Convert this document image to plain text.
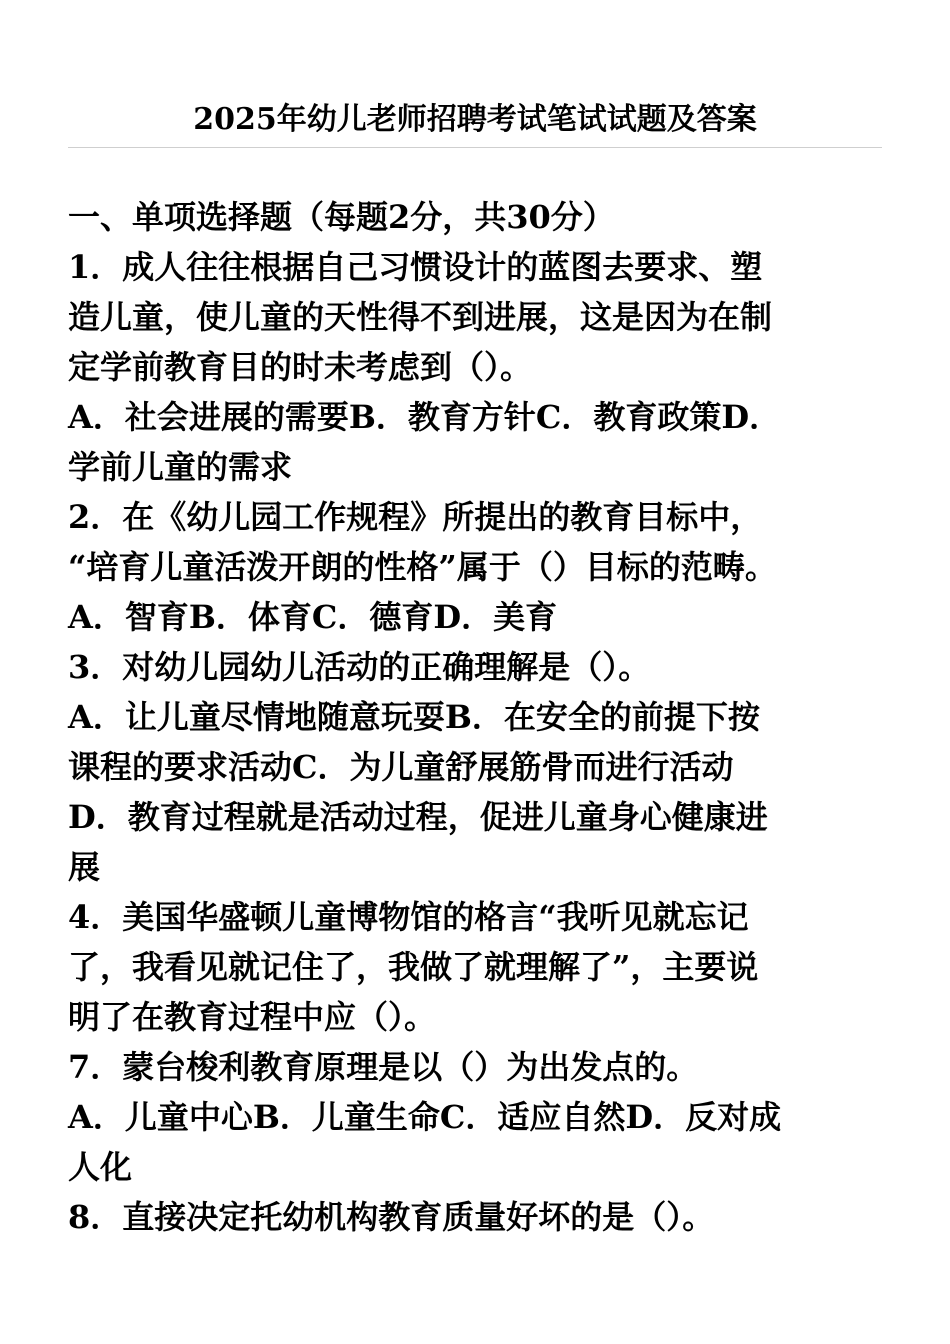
2025年幼儿老师招聘考试笔试试题及答案
一、单项选择题（每题2分，共30分）
1．成人往往根据自己习惯设计的蓝图去要求、塑
造儿童，使儿童的天性得不到进展，这是因为在制
定学前教育目的时未考虑到（）。
A．社会进展的需要B．教育方针C．教育政策D．
学前儿童的需求
2．在《幼儿园工作规程》所提出的教育目标中，
“培育儿童活泼开朗的性格”属于（）目标的范畴。
A．智育B．体育C．德育D．美育
3．对幼儿园幼儿活动的正确理解是（）。
A．让儿童尽情地随意玩耍B．在安全的前提下按
课程的要求活动C．为儿童舒展筋骨而进行活动
D．教育过程就是活动过程，促进儿童身心健康进
展
4．美国华盛顿儿童博物馆的格言“我听见就忘记
了，我看见就记住了，我做了就理解了”，主要说
明了在教育过程中应（）。
7．蒙台梭利教育原理是以（）为出发点的。
A．儿童中心B．儿童生命C．适应自然D．反对成
人化
8．直接决定托幼机构教育质量好坏的是（）。
